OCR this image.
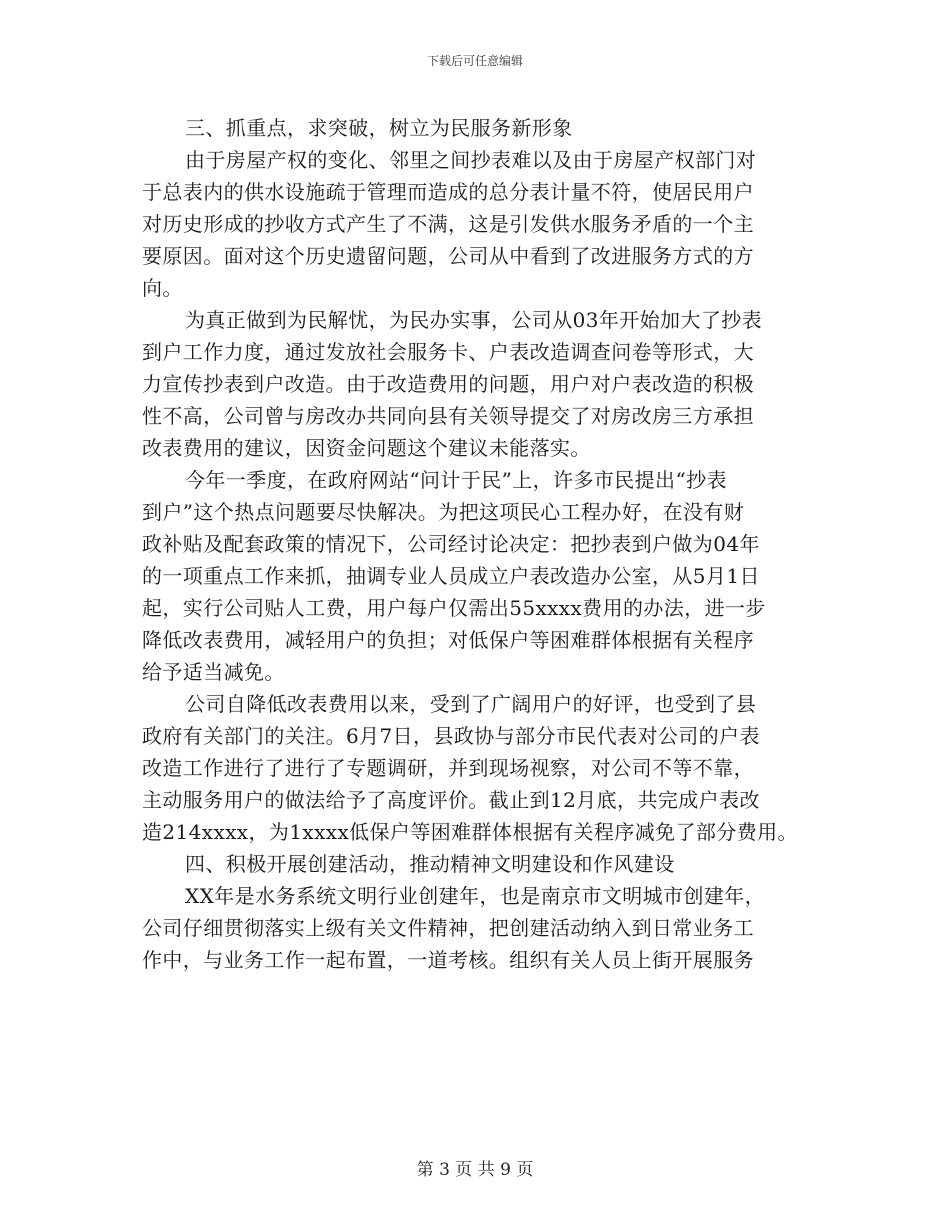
下载后可任意编辑
三、抓重点，求突破，树立为民服务新形象
由于房屋产权的变化、邻里之间抄表难以及由于房屋产权部门对
于总表内的供水设施疏于管理而造成的总分表计量不符，使居民用户
对历史形成的抄收方式产生了不满，这是引发供水服务矛盾的一个主
要原因。面对这个历史遗留问题，公司从中看到了改进服务方式的方
向。
为真正做到为民解忧，为民办实事，公司从03年开始加大了抄表
到户工作力度，通过发放社会服务卡、户表改造调查问卷等形式，大
力宣传抄表到户改造。由于改造费用的问题，用户对户表改造的积极
性不高，公司曾与房改办共同向县有关领导提交了对房改房三方承担
改表费用的建议，因资金问题这个建议未能落实。
今年一季度，在政府网站“问计于民”上，许多市民提出“抄表
到户”这个热点问题要尽快解决。为把这项民心工程办好，在没有财
政补贴及配套政策的情况下，公司经讨论决定：把抄表到户做为04年
的一项重点工作来抓，抽调专业人员成立户表改造办公室，从5月1日
起，实行公司贴人工费，用户每户仅需出55xxxx费用的办法，进一步
降低改表费用，减轻用户的负担；对低保户等困难群体根据有关程序
给予适当减免。
公司自降低改表费用以来，受到了广阔用户的好评，也受到了县
政府有关部门的关注。6月7日，县政协与部分市民代表对公司的户表
改造工作进行了进行了专题调研，并到现场视察，对公司不等不靠，
主动服务用户的做法给予了高度评价。截止到12月底，共完成户表改
造214xxxx，为1xxxx低保户等困难群体根据有关程序减免了部分费用。
四、积极开展创建活动，推动精神文明建设和作风建设
XX年是水务系统文明行业创建年，也是南京市文明城市创建年，
公司仔细贯彻落实上级有关文件精神，把创建活动纳入到日常业务工
作中，与业务工作一起布置，一道考核。组织有关人员上街开展服务
第 3 页 共 9 页
